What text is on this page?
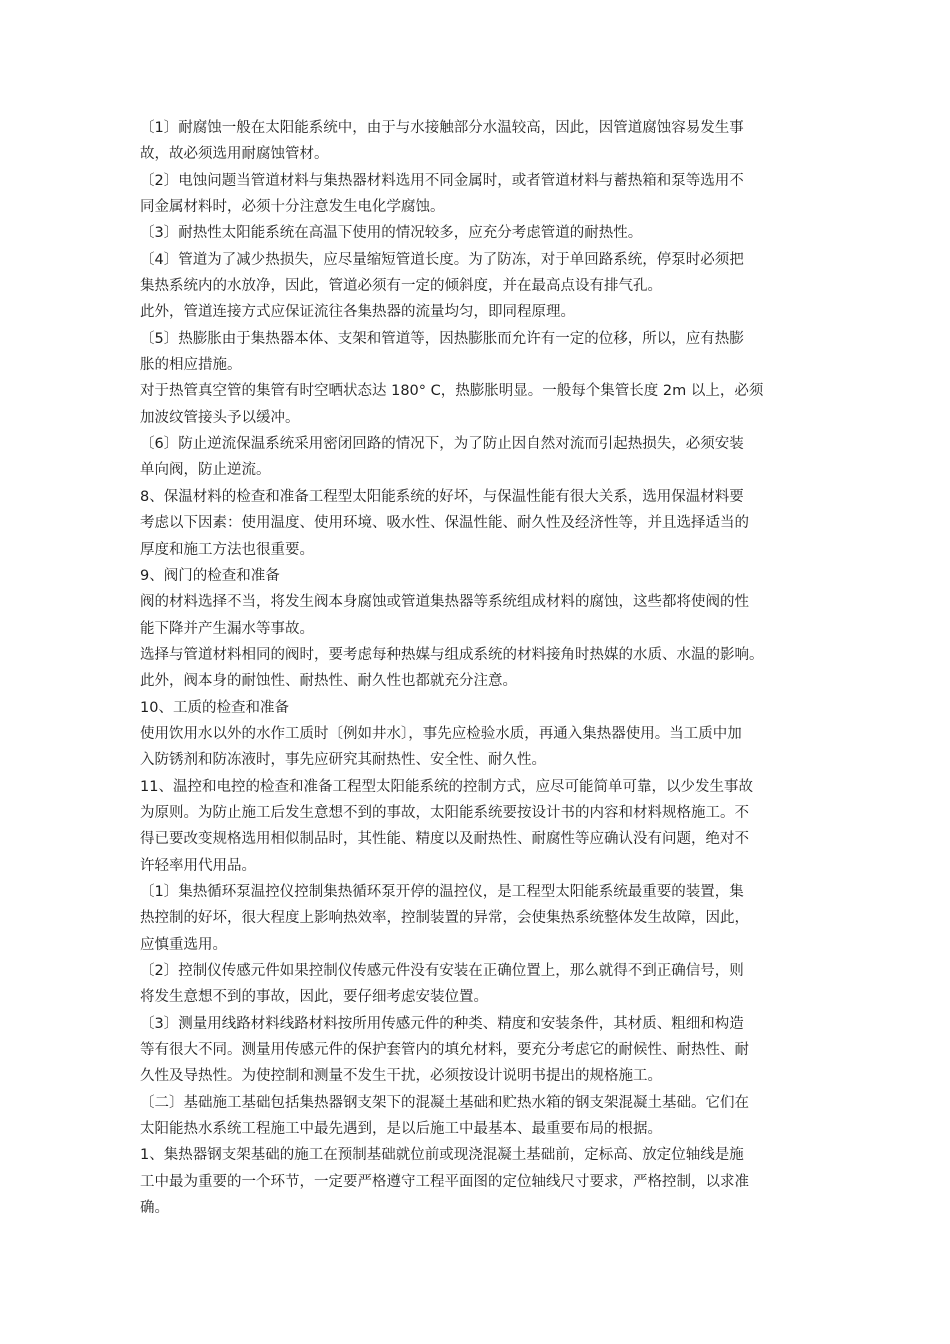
〔1〕耐腐蚀一般在太阳能系统中，由于与水接触部分水温较高，因此，因管道腐蚀容易发生事
故，故必须选用耐腐蚀管材。
〔2〕电蚀问题当管道材料与集热器材料选用不同金属时，或者管道材料与蓄热箱和泵等选用不
同金属材料时，必须十分注意发生电化学腐蚀。
〔3〕耐热性太阳能系统在高温下使用的情况较多，应充分考虑管道的耐热性。
〔4〕管道为了减少热损失，应尽量缩短管道长度。为了防冻，对于单回路系统，停泵时必须把
集热系统内的水放净，因此，管道必须有一定的倾斜度，并在最高点设有排气孔。
此外，管道连接方式应保证流往各集热器的流量均匀，即同程原理。
〔5〕热膨胀由于集热器本体、支架和管道等，因热膨胀而允许有一定的位移，所以，应有热膨
胀的相应措施。
对于热管真空管的集管有时空晒状态达 180° C，热膨胀明显。一般每个集管长度 2m 以上，必须
加波纹管接头予以缓冲。
〔6〕防止逆流保温系统采用密闭回路的情况下，为了防止因自然对流而引起热损失，必须安装
单向阀，防止逆流。
8、保温材料的检查和准备工程型太阳能系统的好坏，与保温性能有很大关系，选用保温材料要
考虑以下因素：使用温度、使用环境、吸水性、保温性能、耐久性及经济性等，并且选择适当的
厚度和施工方法也很重要。
9、阀门的检查和准备
阀的材料选择不当，将发生阀本身腐蚀或管道集热器等系统组成材料的腐蚀，这些都将使阀的性
能下降并产生漏水等事故。
选择与管道材料相同的阀时，要考虑每种热媒与组成系统的材料接角时热媒的水质、水温的影响。
此外，阀本身的耐蚀性、耐热性、耐久性也都就充分注意。
10、工质的检查和准备
使用饮用水以外的水作工质时〔例如井水〕，事先应检验水质，再通入集热器使用。当工质中加
入防锈剂和防冻液时，事先应研究其耐热性、安全性、耐久性。
11、温控和电控的检查和准备工程型太阳能系统的控制方式，应尽可能简单可靠，以少发生事故
为原则。为防止施工后发生意想不到的事故，太阳能系统要按设计书的内容和材料规格施工。不
得已要改变规格选用相似制品时，其性能、精度以及耐热性、耐腐性等应确认没有问题，绝对不
许轻率用代用品。
〔1〕集热循环泵温控仪控制集热循环泵开停的温控仪，是工程型太阳能系统最重要的装置，集
热控制的好坏，很大程度上影响热效率，控制装置的异常，会使集热系统整体发生故障，因此，
应慎重选用。
〔2〕控制仪传感元件如果控制仪传感元件没有安装在正确位置上，那么就得不到正确信号，则
将发生意想不到的事故，因此，要仔细考虑安装位置。
〔3〕测量用线路材料线路材料按所用传感元件的种类、精度和安装条件，其材质、粗细和构造
等有很大不同。测量用传感元件的保护套管内的填允材料，要充分考虑它的耐候性、耐热性、耐
久性及导热性。为使控制和测量不发生干扰，必须按设计说明书提出的规格施工。
〔二〕基础施工基础包括集热器钢支架下的混凝土基础和贮热水箱的钢支架混凝土基础。它们在
太阳能热水系统工程施工中最先遇到，是以后施工中最基本、最重要布局的根据。
1、集热器钢支架基础的施工在预制基础就位前或现浇混凝土基础前，定标高、放定位轴线是施
工中最为重要的一个环节，一定要严格遵守工程平面图的定位轴线尺寸要求，严格控制，以求准
确。
